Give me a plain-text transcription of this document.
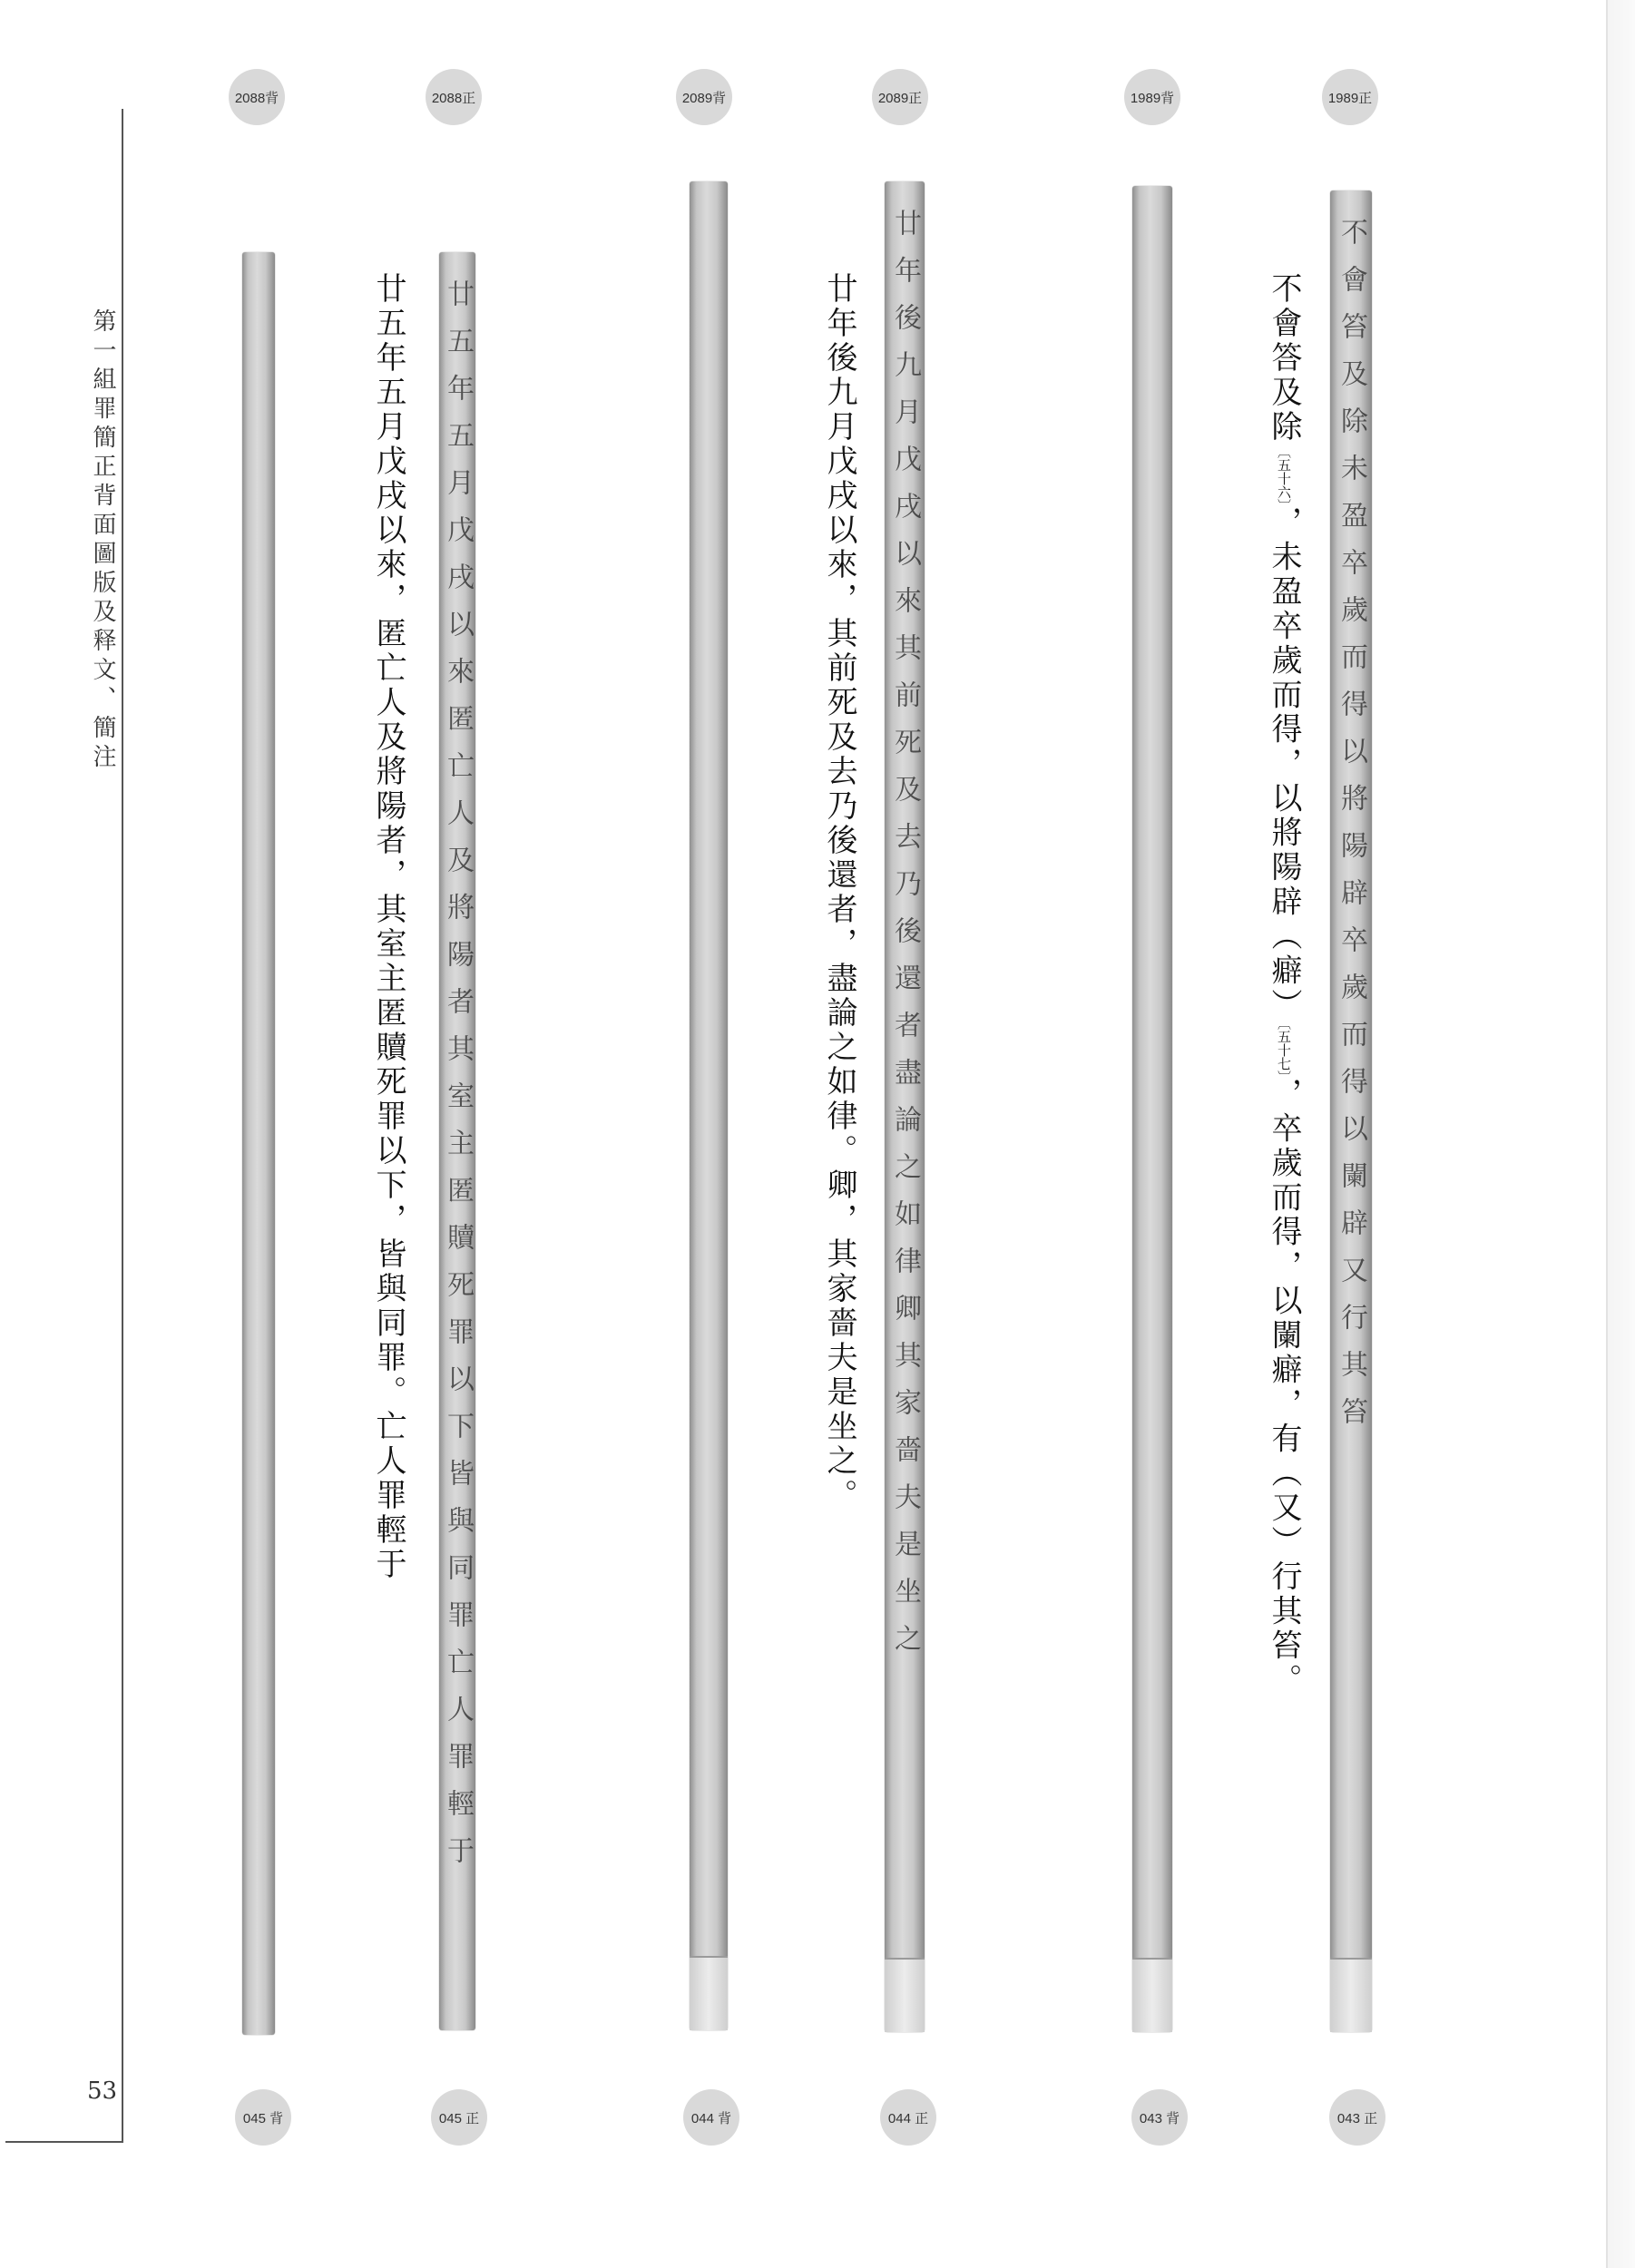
第一組罪簡正背面圖版及释文、簡注
53
2088背	2088正	2089背	2089正	1989背	1989正
045 背	045 正	044 背	044 正	043 背	043 正
廿五年五月戊戌以來匿亡人及將陽者其室主匿贖死罪以下皆與同罪亡人罪輕于	廿年後九月戊戌以來其前死及去乃後還者盡論之如律卿其家嗇夫是坐之	不會笞及除未盈卒歲而得以將陽辟卒歲而得以闌辟又行其笞
廿五年五月戊戌以來，匿亡人及將陽者，其室主匿贖死罪以下，皆與同罪。亡人罪輕于	廿年後九月戊戌以來，其前死及去乃後還者，盡論之如律。卿，其家嗇夫是坐之。	不會答及除〔五十六〕，未盈卒歲而得，以將陽辟（癖）〔五十七〕，卒歲而得，以闌癖，有（又）行其笞。
